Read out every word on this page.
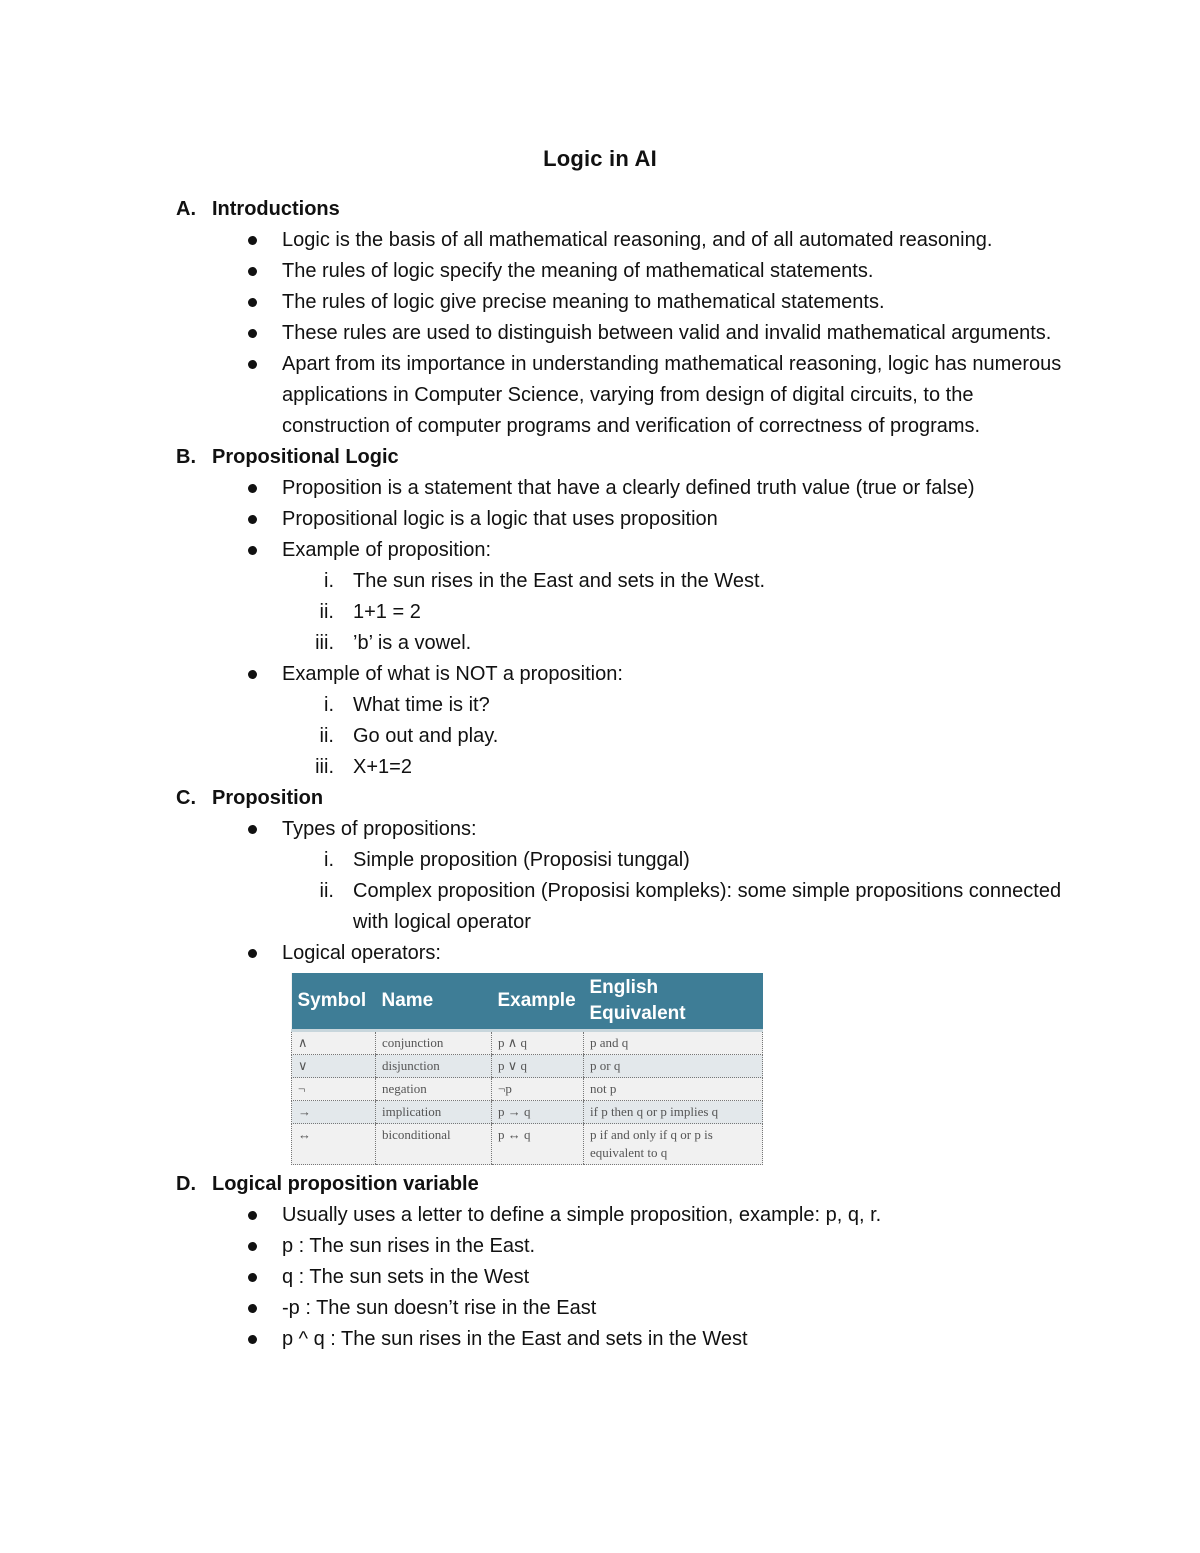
Logic in AI
A. Introductions
Logic is the basis of all mathematical reasoning, and of all automated reasoning.
The rules of logic specify the meaning of mathematical statements.
The rules of logic give precise meaning to mathematical statements.
These rules are used to distinguish between valid and invalid mathematical arguments.
Apart from its importance in understanding mathematical reasoning, logic has numerous applications in Computer Science, varying from design of digital circuits, to the construction of computer programs and verification of correctness of programs.
B. Propositional Logic
Proposition is a statement that have a clearly defined truth value (true or false)
Propositional logic is a logic that uses proposition
Example of proposition:
i. The sun rises in the East and sets in the West.
ii. 1+1 = 2
iii. ’b’ is a vowel.
Example of what is NOT a proposition:
i. What time is it?
ii. Go out and play.
iii. X+1=2
C. Proposition
Types of propositions:
i. Simple proposition (Proposisi tunggal)
ii. Complex proposition (Proposisi kompleks): some simple propositions connected with logical operator
Logical operators:
Symbol	Name	Example	English Equivalent
∧	conjunction	p ∧ q	p and q
∨	disjunction	p ∨ q	p or q
¬	negation	¬p	not p
→	implication	p → q	if p then q or p implies q
↔	biconditional	p ↔ q	p if and only if q or p is equivalent to q
D. Logical proposition variable
Usually uses a letter to define a simple proposition, example: p, q, r.
p : The sun rises in the East.
q : The sun sets in the West
-p : The sun doesn’t rise in the East
p ^ q : The sun rises in the East and sets in the West
